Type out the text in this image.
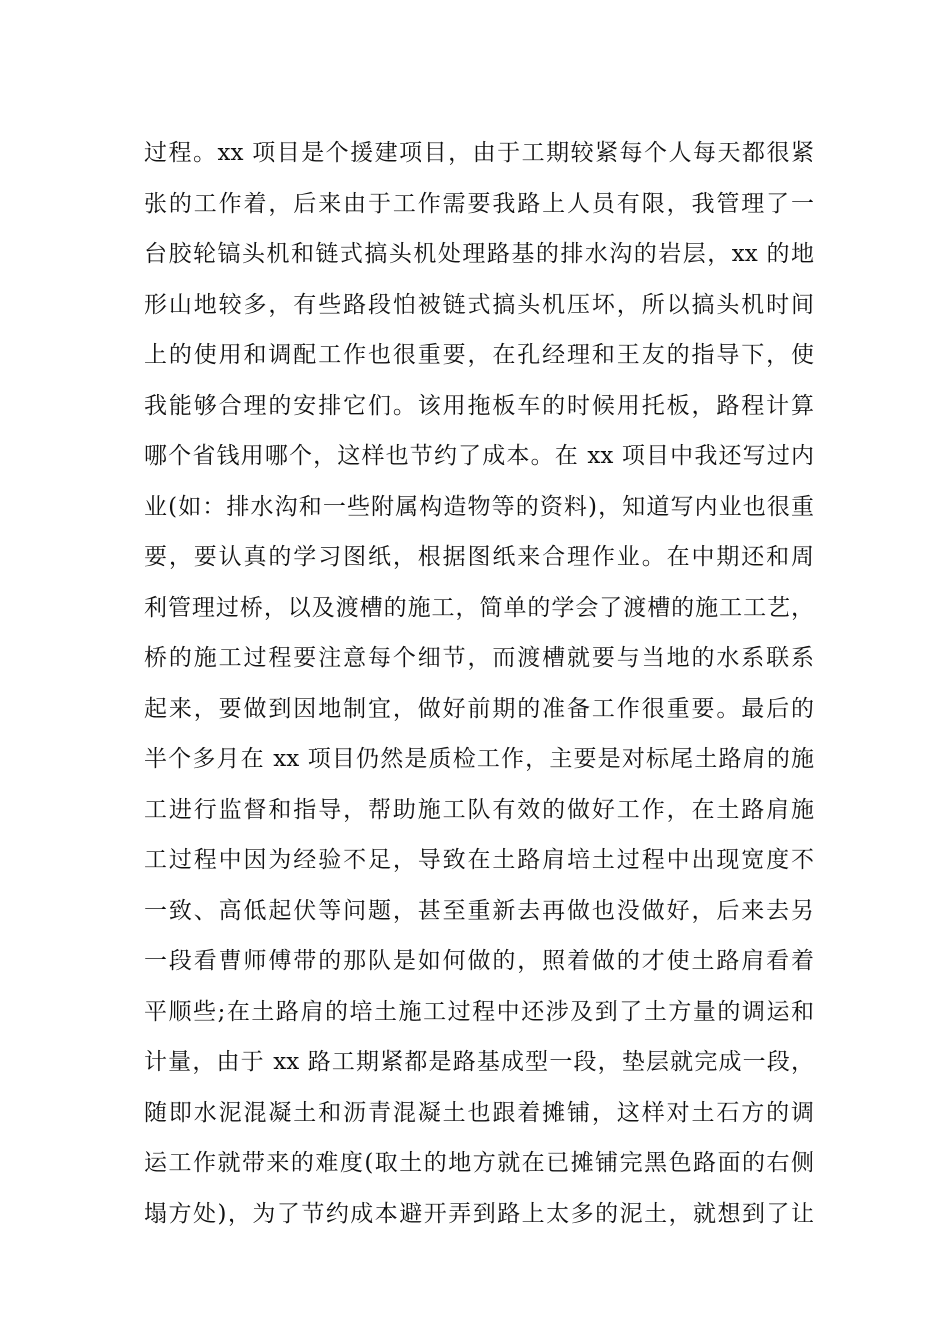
过程。xx 项目是个援建项目，由于工期较紧每个人每天都很紧
张的工作着，后来由于工作需要我路上人员有限，我管理了一
台胶轮镐头机和链式搞头机处理路基的排水沟的岩层，xx 的地
形山地较多，有些路段怕被链式搞头机压坏，所以搞头机时间
上的使用和调配工作也很重要，在孔经理和王友的指导下，使
我能够合理的安排它们。该用拖板车的时候用托板，路程计算
哪个省钱用哪个，这样也节约了成本。在 xx 项目中我还写过内
业(如：排水沟和一些附属构造物等的资料)，知道写内业也很重
要，要认真的学习图纸，根据图纸来合理作业。在中期还和周
利管理过桥，以及渡槽的施工，简单的学会了渡槽的施工工艺，
桥的施工过程要注意每个细节，而渡槽就要与当地的水系联系
起来，要做到因地制宜，做好前期的准备工作很重要。最后的
半个多月在 xx 项目仍然是质检工作，主要是对标尾土路肩的施
工进行监督和指导，帮助施工队有效的做好工作，在土路肩施
工过程中因为经验不足，导致在土路肩培土过程中出现宽度不
一致、高低起伏等问题，甚至重新去再做也没做好，后来去另
一段看曹师傅带的那队是如何做的，照着做的才使土路肩看着
平顺些;在土路肩的培土施工过程中还涉及到了土方量的调运和
计量，由于 xx 路工期紧都是路基成型一段，垫层就完成一段，
随即水泥混凝土和沥青混凝土也跟着摊铺，这样对土石方的调
运工作就带来的难度(取土的地方就在已摊铺完黑色路面的右侧
塌方处)，为了节约成本避开弄到路上太多的泥土，就想到了让
